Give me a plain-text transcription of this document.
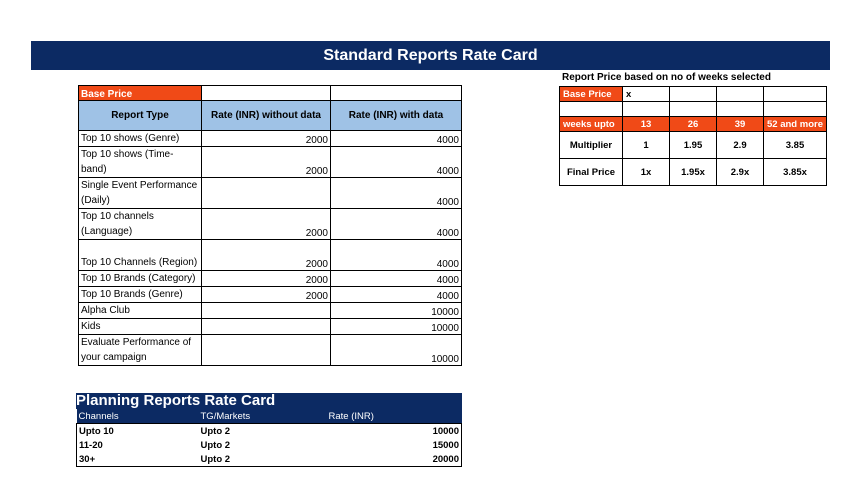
Standard Reports Rate Card
Base Price		
Report Type	Rate (INR) without data	Rate (INR) with data

Top 10 shows (Genre)	2000	4000

Top 10 shows (Time-
band)	2000	4000

Single Event Performance
(Daily)		4000

Top 10 channels
(Language)	2000	4000

Top 10 Channels (Region)	2000	4000

Top 10 Brands (Category)	2000	4000

Top 10 Brands (Genre)	2000	4000

Alpha Club		10000

Kids		10000

Evaluate Performance of
your campaign		10000
Report Price based on no of weeks selected
Base Price	x			

weeks upto	13	26	39	52 and more
Multiplier	1	1.95	2.9	3.85
Final Price	1x	1.95x	2.9x	3.85x
Planning Reports Rate Card
Channels	TG/Markets	Rate (INR)
Upto 10	Upto 2	10000
11-20	Upto 2	15000
30+	Upto 2	20000
